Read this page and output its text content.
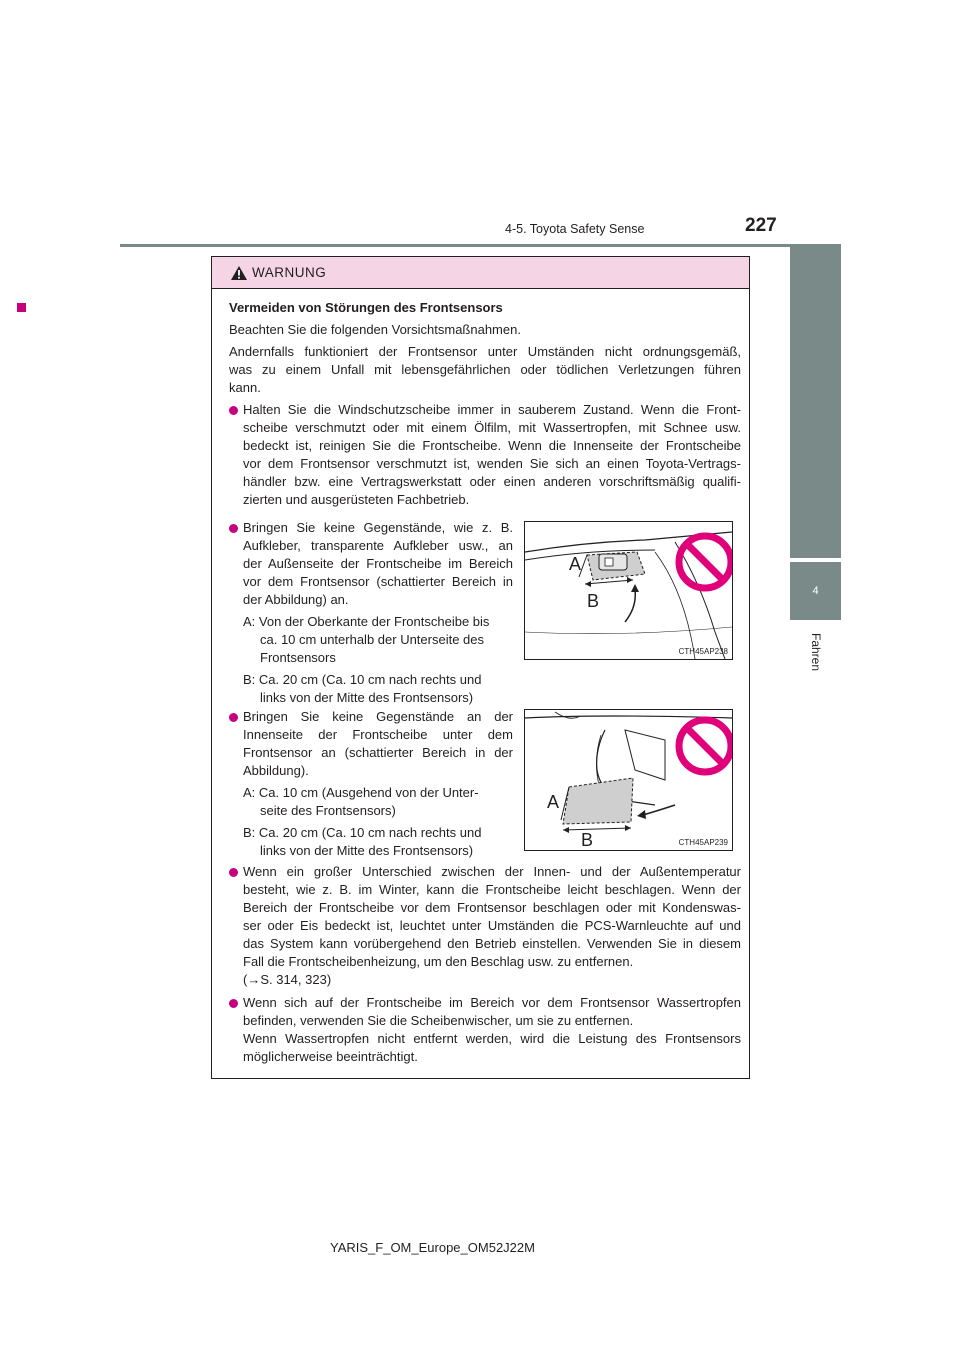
4-5. Toyota Safety Sense	227
4
Fahren
WARNUNG
Vermeiden von Störungen des Frontsensors
Beachten Sie die folgenden Vorsichtsmaßnahmen.
Andernfalls funktioniert der Frontsensor unter Umständen nicht ordnungsgemäß,
was zu einem Unfall mit lebensgefährlichen oder tödlichen Verletzungen führen
kann.
Halten Sie die Windschutzscheibe immer in sauberem Zustand. Wenn die Front-
scheibe verschmutzt oder mit einem Ölfilm, mit Wassertropfen, mit Schnee usw.
bedeckt ist, reinigen Sie die Frontscheibe. Wenn die Innenseite der Frontscheibe
vor dem Frontsensor verschmutzt ist, wenden Sie sich an einen Toyota-Vertrags-
händler bzw. eine Vertragswerkstatt oder einen anderen vorschriftsmäßig qualifi-
zierten und ausgerüsteten Fachbetrieb.
Bringen Sie keine Gegenstände, wie z. B.
Aufkleber, transparente Aufkleber usw., an
der Außenseite der Frontscheibe im Bereich
vor dem Frontsensor (schattierter Bereich in
der Abbildung) an.
A: Von der Oberkante der Frontscheibe bis
ca. 10 cm unterhalb der Unterseite des
Frontsensors
B: Ca. 20 cm (Ca. 10 cm nach rechts und
links von der Mitte des Frontsensors)
Bringen Sie keine Gegenstände an der
Innenseite der Frontscheibe unter dem
Frontsensor an (schattierter Bereich in der
Abbildung).
A: Ca. 10 cm (Ausgehend von der Unter-
seite des Frontsensors)
B: Ca. 20 cm (Ca. 10 cm nach rechts und
links von der Mitte des Frontsensors)
Wenn ein großer Unterschied zwischen der Innen- und der Außentemperatur
besteht, wie z. B. im Winter, kann die Frontscheibe leicht beschlagen. Wenn der
Bereich der Frontscheibe vor dem Frontsensor beschlagen oder mit Kondenswas-
ser oder Eis bedeckt ist, leuchtet unter Umständen die PCS-Warnleuchte auf und
das System kann vorübergehend den Betrieb einstellen. Verwenden Sie in diesem
Fall die Frontscheibenheizung, um den Beschlag usw. zu entfernen.
(→S. 314, 323)
Wenn sich auf der Frontscheibe im Bereich vor dem Frontsensor Wassertropfen
befinden, verwenden Sie die Scheibenwischer, um sie zu entfernen.
Wenn Wassertropfen nicht entfernt werden, wird die Leistung des Frontsensors
möglicherweise beeinträchtigt.
A
B
CTH45AP238
A
B	CTH45AP239
YARIS_F_OM_Europe_OM52J22M
